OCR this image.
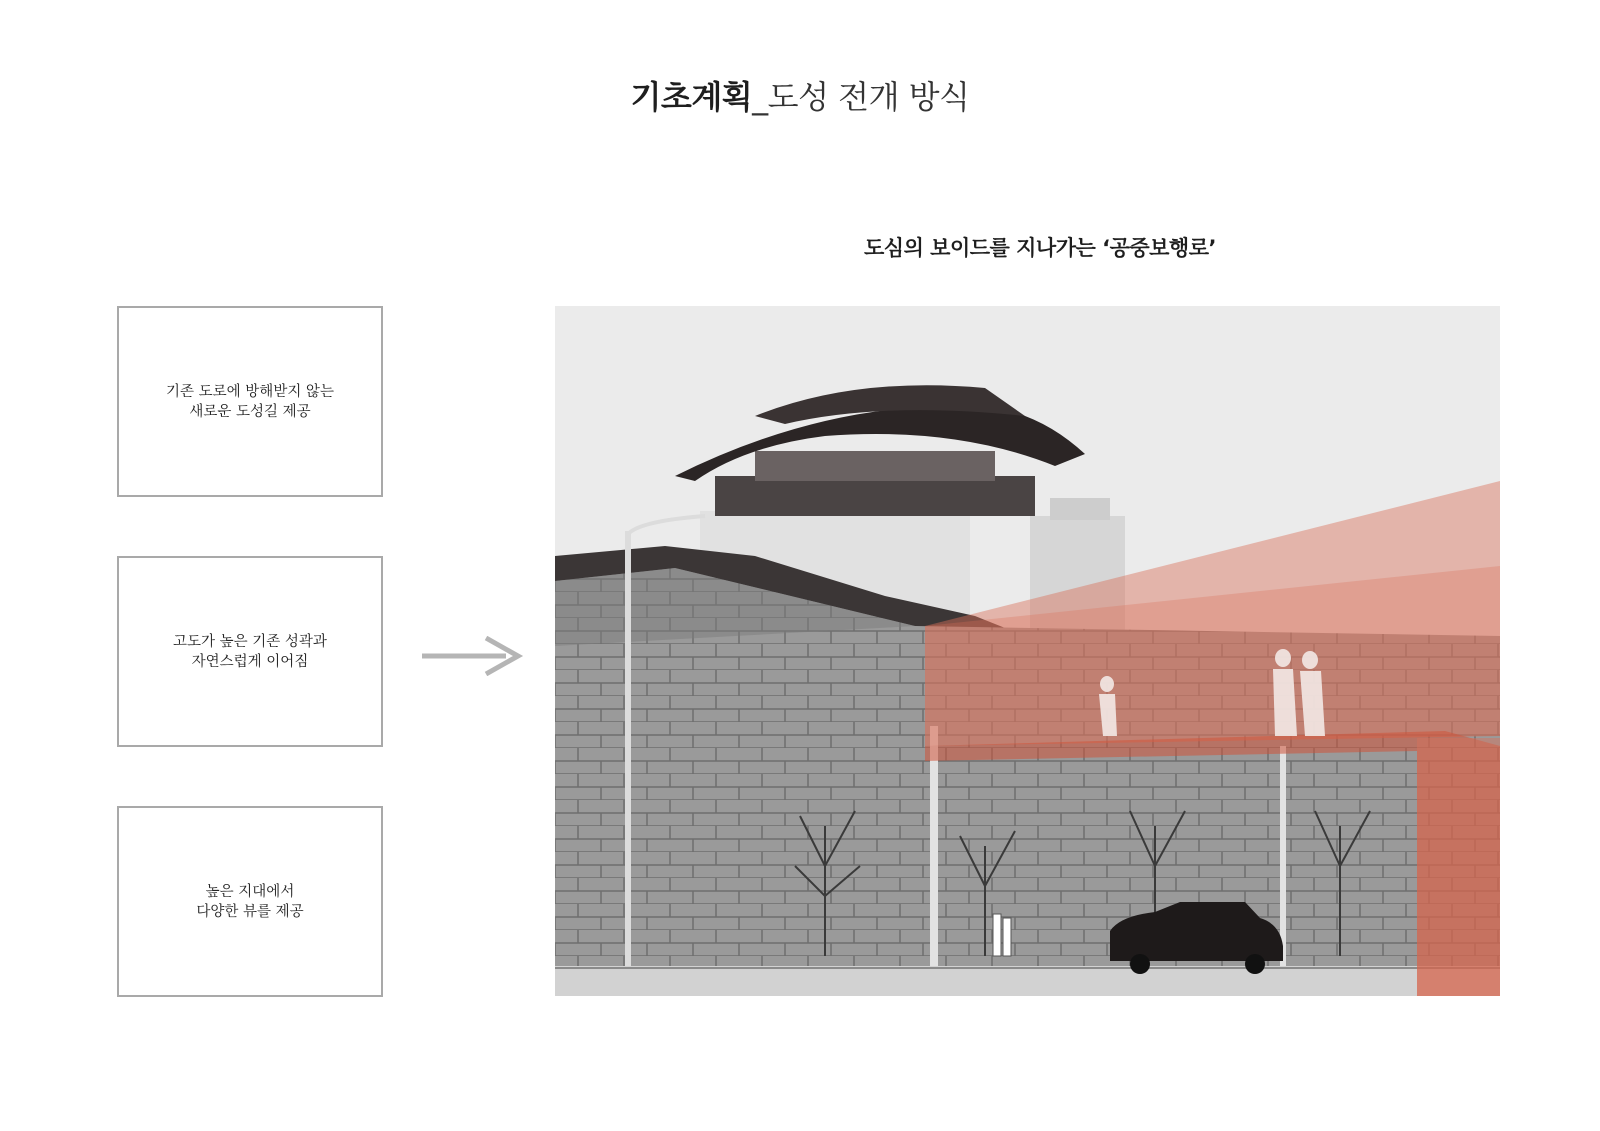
기초계획_도성 전개 방식
도심의 보이드를 지나가는 ‘공중보행로’
기존 도로에 방해받지 않는
새로운 도성길 제공
고도가 높은 기존 성곽과
자연스럽게 이어짐
높은 지대에서
다양한 뷰를 제공
